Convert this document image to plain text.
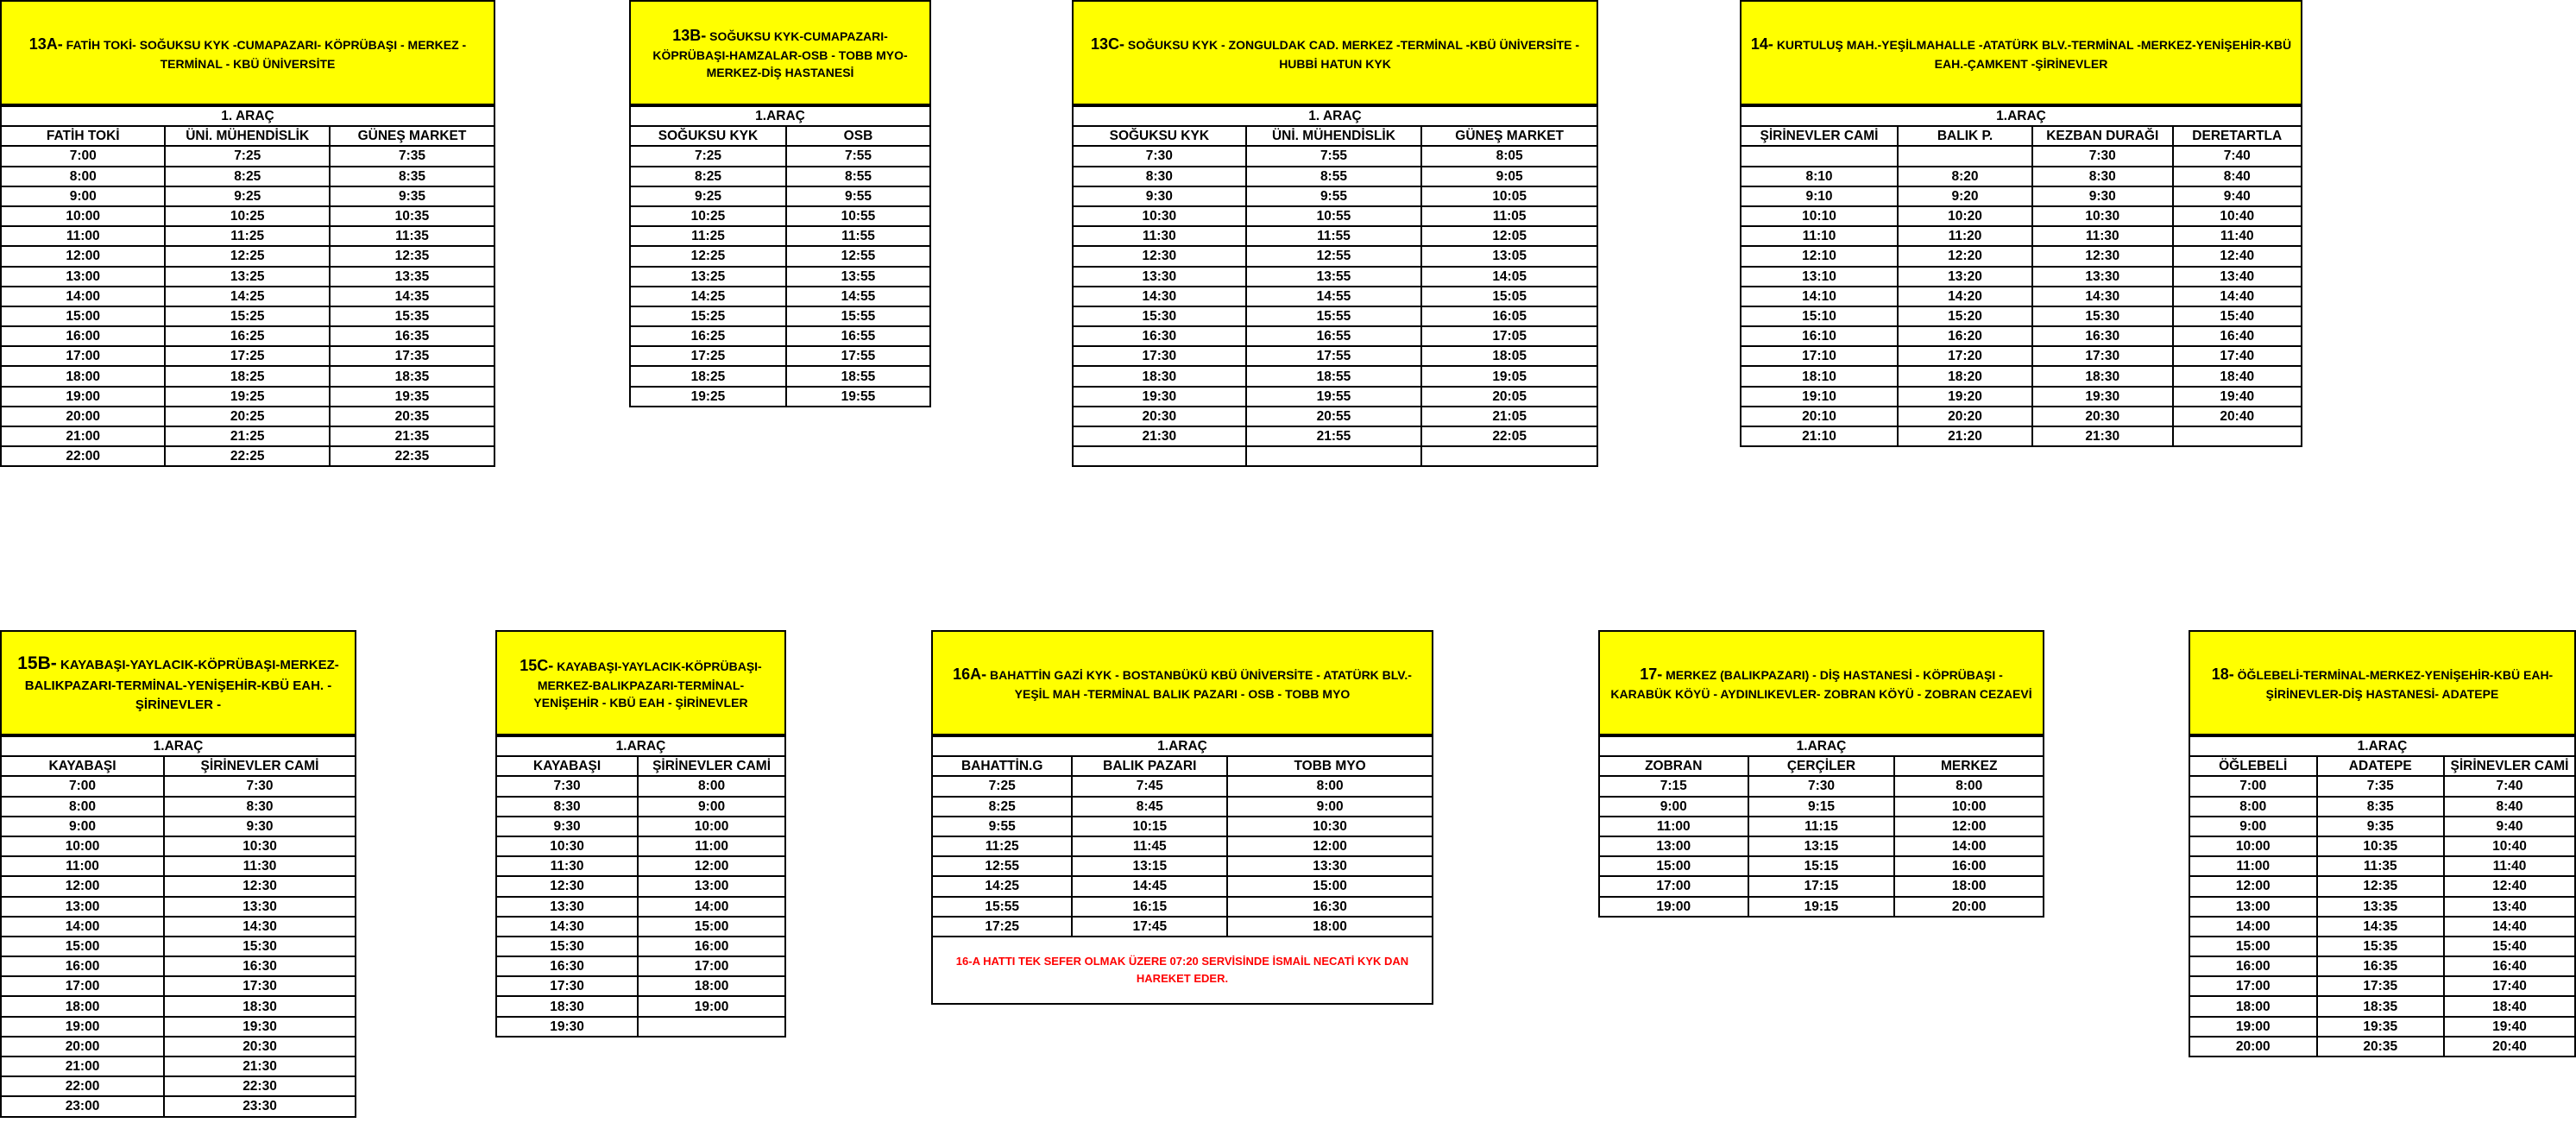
13A- FATİH TOKİ- SOĞUKSU KYK -CUMAPAZARI- KÖPRÜBAŞI - MERKEZ - TERMİNAL - KBÜ ÜNİVERSİTE
1. ARAÇ		
FATİH TOKİ	ÜNİ. MÜHENDİSLİK	GÜNEŞ MARKET
7:00	7:25	7:35
8:00	8:25	8:35
9:00	9:25	9:35
10:00	10:25	10:35
11:00	11:25	11:35
12:00	12:25	12:35
13:00	13:25	13:35
14:00	14:25	14:35
15:00	15:25	15:35
16:00	16:25	16:35
17:00	17:25	17:35
18:00	18:25	18:35
19:00	19:25	19:35
20:00	20:25	20:35
21:00	21:25	21:35
22:00	22:25	22:35
13B- SOĞUKSU KYK-CUMAPAZARI-KÖPRÜBAŞI-HAMZALAR-OSB - TOBB MYO- MERKEZ-DİŞ HASTANESİ
1.ARAÇ	
SOĞUKSU KYK	OSB
7:25	7:55
8:25	8:55
9:25	9:55
10:25	10:55
11:25	11:55
12:25	12:55
13:25	13:55
14:25	14:55
15:25	15:55
16:25	16:55
17:25	17:55
18:25	18:55
19:25	19:55
13C- SOĞUKSU KYK - ZONGULDAK CAD. MERKEZ -TERMİNAL -KBÜ ÜNİVERSİTE - HUBBİ HATUN KYK
1. ARAÇ		
SOĞUKSU KYK	ÜNİ. MÜHENDİSLİK	GÜNEŞ MARKET
7:30	7:55	8:05
8:30	8:55	9:05
9:30	9:55	10:05
10:30	10:55	11:05
11:30	11:55	12:05
12:30	12:55	13:05
13:30	13:55	14:05
14:30	14:55	15:05
15:30	15:55	16:05
16:30	16:55	17:05
17:30	17:55	18:05
18:30	18:55	19:05
19:30	19:55	20:05
20:30	20:55	21:05
21:30	21:55	22:05

14- KURTULUŞ MAH.-YEŞİLMAHALLE -ATATÜRK BLV.-TERMİNAL -MERKEZ-YENİŞEHİR-KBÜ EAH.-ÇAMKENT -ŞİRİNEVLER
1.ARAÇ			
ŞİRİNEVLER CAMİ	BALIK P.	KEZBAN DURAĞI	DERETARTLA
		7:30	7:40
8:10	8:20	8:30	8:40
9:10	9:20	9:30	9:40
10:10	10:20	10:30	10:40
11:10	11:20	11:30	11:40
12:10	12:20	12:30	12:40
13:10	13:20	13:30	13:40
14:10	14:20	14:30	14:40
15:10	15:20	15:30	15:40
16:10	16:20	16:30	16:40
17:10	17:20	17:30	17:40
18:10	18:20	18:30	18:40
19:10	19:20	19:30	19:40
20:10	20:20	20:30	20:40
21:10	21:20	21:30	
15B- KAYABAŞI-YAYLACIK-KÖPRÜBAŞI-MERKEZ-BALIKPAZARI-TERMİNAL-YENİŞEHİR-KBÜ EAH. - ŞİRİNEVLER -
1.ARAÇ	
KAYABAŞI	ŞİRİNEVLER CAMİ
7:00	7:30
8:00	8:30
9:00	9:30
10:00	10:30
11:00	11:30
12:00	12:30
13:00	13:30
14:00	14:30
15:00	15:30
16:00	16:30
17:00	17:30
18:00	18:30
19:00	19:30
20:00	20:30
21:00	21:30
22:00	22:30
23:00	23:30
15C- KAYABAŞI-YAYLACIK-KÖPRÜBAŞI-MERKEZ-BALIKPAZARI-TERMİNAL-YENİŞEHİR - KBÜ EAH - ŞİRİNEVLER
1.ARAÇ	
KAYABAŞI	ŞİRİNEVLER CAMİ
7:30	8:00
8:30	9:00
9:30	10:00
10:30	11:00
11:30	12:00
12:30	13:00
13:30	14:00
14:30	15:00
15:30	16:00
16:30	17:00
17:30	18:00
18:30	19:00
19:30	
16A- BAHATTİN GAZİ KYK - BOSTANBÜKÜ KBÜ ÜNİVERSİTE - ATATÜRK BLV.- YEŞİL MAH -TERMİNAL BALIK PAZARI - OSB - TOBB MYO
1.ARAÇ		
BAHATTİN.G	BALIK PAZARI	TOBB MYO
7:25	7:45	8:00
8:25	8:45	9:00
9:55	10:15	10:30
11:25	11:45	12:00
12:55	13:15	13:30
14:25	14:45	15:00
15:55	16:15	16:30
17:25	17:45	18:00
16-A HATTI TEK SEFER OLMAK ÜZERE 07:20 SERVİSİNDE İSMAİL NECATİ KYK DAN HAREKET EDER.
17- MERKEZ (BALIKPAZARI) - DİŞ HASTANESİ - KÖPRÜBAŞI - KARABÜK KÖYÜ - AYDINLIKEVLER- ZOBRAN KÖYÜ - ZOBRAN CEZAEVİ
1.ARAÇ		
ZOBRAN	ÇERÇİLER	MERKEZ
7:15	7:30	8:00
9:00	9:15	10:00
11:00	11:15	12:00
13:00	13:15	14:00
15:00	15:15	16:00
17:00	17:15	18:00
19:00	19:15	20:00
18- ÖĞLEBELİ-TERMİNAL-MERKEZ-YENİŞEHİR-KBÜ EAH-ŞİRİNEVLER-DİŞ HASTANESİ- ADATEPE
1.ARAÇ		
ÖĞLEBELİ	ADATEPE	ŞİRİNEVLER CAMİ
7:00	7:35	7:40
8:00	8:35	8:40
9:00	9:35	9:40
10:00	10:35	10:40
11:00	11:35	11:40
12:00	12:35	12:40
13:00	13:35	13:40
14:00	14:35	14:40
15:00	15:35	15:40
16:00	16:35	16:40
17:00	17:35	17:40
18:00	18:35	18:40
19:00	19:35	19:40
20:00	20:35	20:40
